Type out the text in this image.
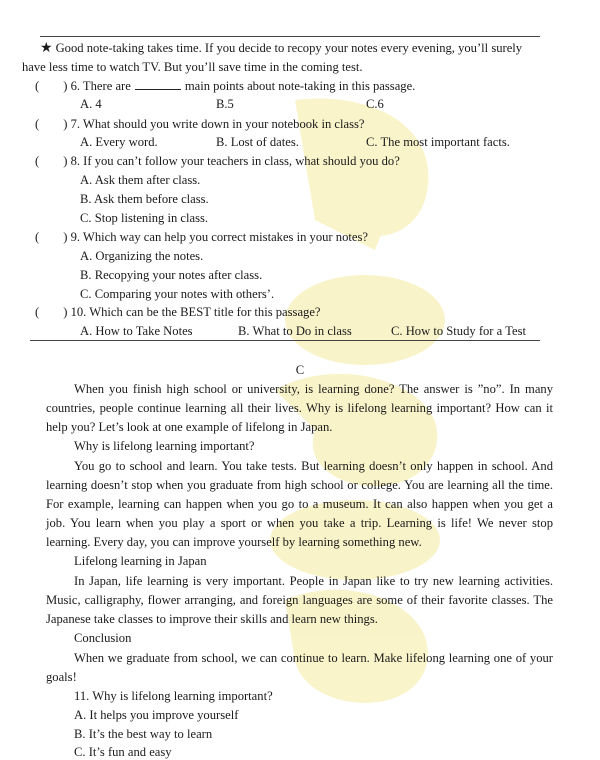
★ Good note-taking takes time. If you decide to recopy your notes every evening, you’ll surely
have less time to watch TV. But you’ll save time in the coming test.
( ) 6. There are	main points about note-taking in this passage.
A. 4	B.5	C.6
( ) 7. What should you write down in your notebook in class?
A. Every word.	B. Lost of dates.	C. The most important facts.
( ) 8. If you can’t follow your teachers in class, what should you do?
A. Ask them after class.
B. Ask them before class.
C. Stop listening in class.
( ) 9. Which way can help you correct mistakes in your notes?
A. Organizing the notes.
B. Recopying your notes after class.
C. Comparing your notes with others’.
( ) 10. Which can be the BEST title for this passage?
A. How to Take Notes	B. What to Do in class	C. How to Study for a Test
C
When you finish high school or university, is learning done? The answer is ”no”. In many
countries, people continue learning all their lives. Why is lifelong learning important? How can it
help you? Let’s look at one example of lifelong in Japan.
Why is lifelong learning important?
You go to school and learn. You take tests. But learning doesn’t only happen in school. And
learning doesn’t stop when you graduate from high school or college. You are learning all the time.
For example, learning can happen when you go to a museum. It can also happen when you get a
job. You learn when you play a sport or when you take a trip. Learning is life! We never stop
learning. Every day, you can improve yourself by learning something new.
Lifelong learning in Japan
In Japan, life learning is very important. People in Japan like to try new learning activities.
Music, calligraphy, flower arranging, and foreign languages are some of their favorite classes. The
Japanese take classes to improve their skills and learn new things.
Conclusion
When we graduate from school, we can continue to learn. Make lifelong learning one of your
goals!
11. Why is lifelong learning important?
A. It helps you improve yourself
B. It’s the best way to learn
C. It’s fun and easy
